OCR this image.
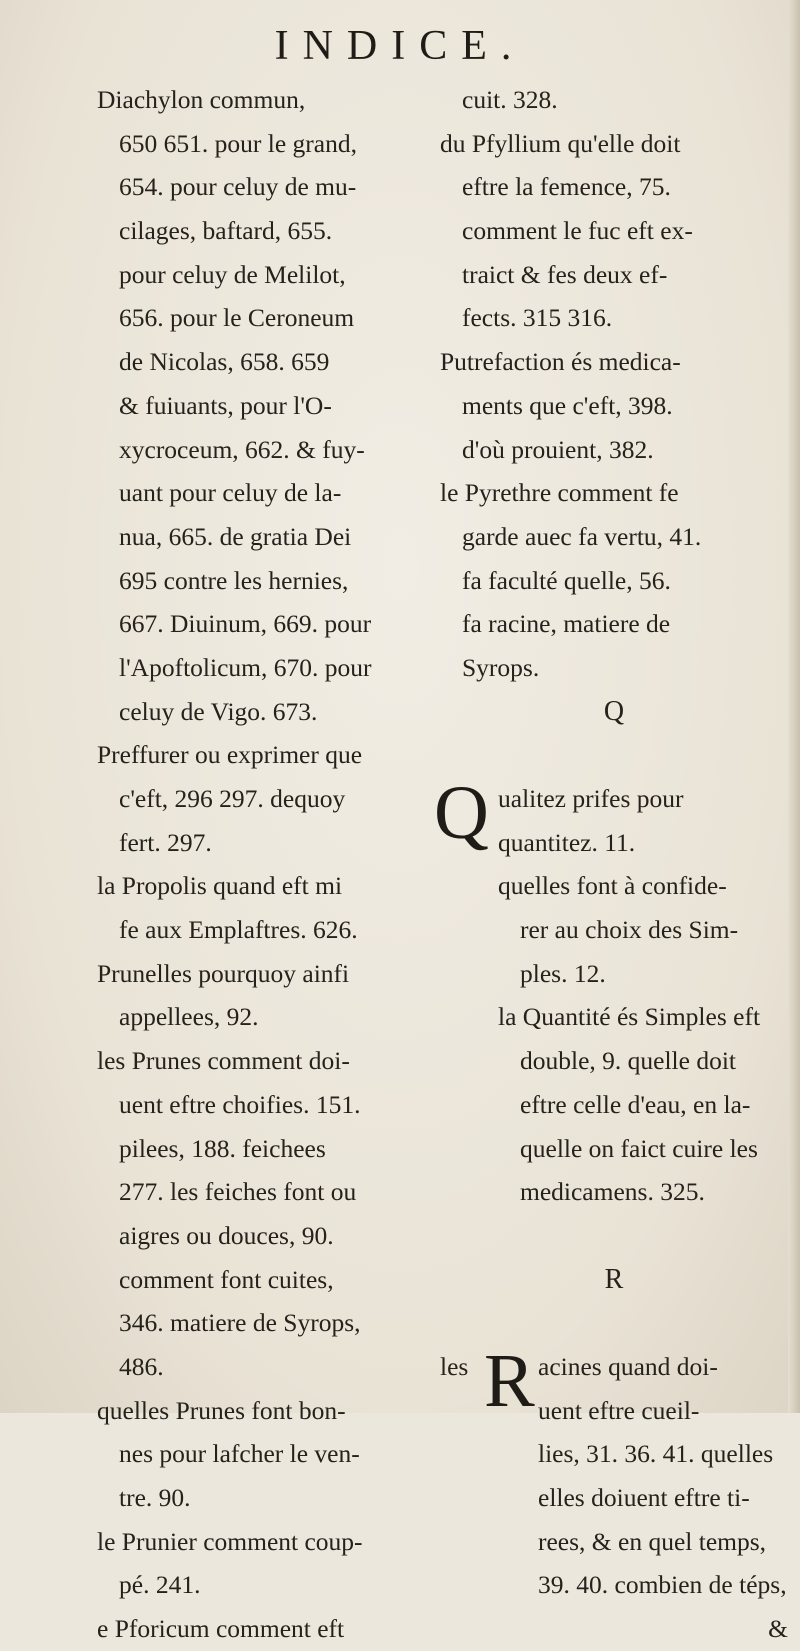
INDICE.
Diachylon commun,
650 651. pour le grand,
654. pour celuy de mu-
cilages, baftard, 655.
pour celuy de Melilot,
656. pour le Ceroneum
de Nicolas, 658. 659
& fuiuants, pour l'O-
xycroceum, 662. & fuy-
uant pour celuy de la-
nua, 665. de gratia Dei
695 contre les hernies,
667. Diuinum, 669. pour
l'Apoftolicum, 670. pour
celuy de Vigo. 673.
Preffurer ou exprimer que
c'eft, 296 297. dequoy
fert. 297.
la Propolis quand eft mi
fe aux Emplaftres. 626.
Prunelles pourquoy ainfi
appellees, 92.
les Prunes comment doi-
uent eftre choifies. 151.
pilees, 188. feichees
277. les feiches font ou
aigres ou douces, 90.
comment font cuites,
346. matiere de Syrops,
486.
quelles Prunes font bon-
nes pour lafcher le ven-
tre. 90.
le Prunier comment coup-
pé. 241.
e Pforicum comment eft
cuit. 328.
du Pfyllium qu'elle doit
eftre la femence, 75.
comment le fuc eft ex-
traict & fes deux ef-
fects. 315 316.
Putrefaction és medica-
ments que c'eft, 398.
d'où prouient, 382.
le Pyrethre comment fe
garde auec fa vertu, 41.
fa faculté quelle, 56.
fa racine, matiere de
Syrops.
Q
Q ualitez prifes pour
quantitez. 11.
quelles font à confide-
rer au choix des Sim-
ples. 12.
la Quantité és Simples eft
double, 9. quelle doit
eftre celle d'eau, en la-
quelle on faict cuire les
medicamens. 325.
R
les R acines quand doi-
uent eftre cueil-
lies, 31. 36. 41. quelles
elles doiuent eftre ti-
rees, & en quel temps,
39. 40. combien de téps,
&
